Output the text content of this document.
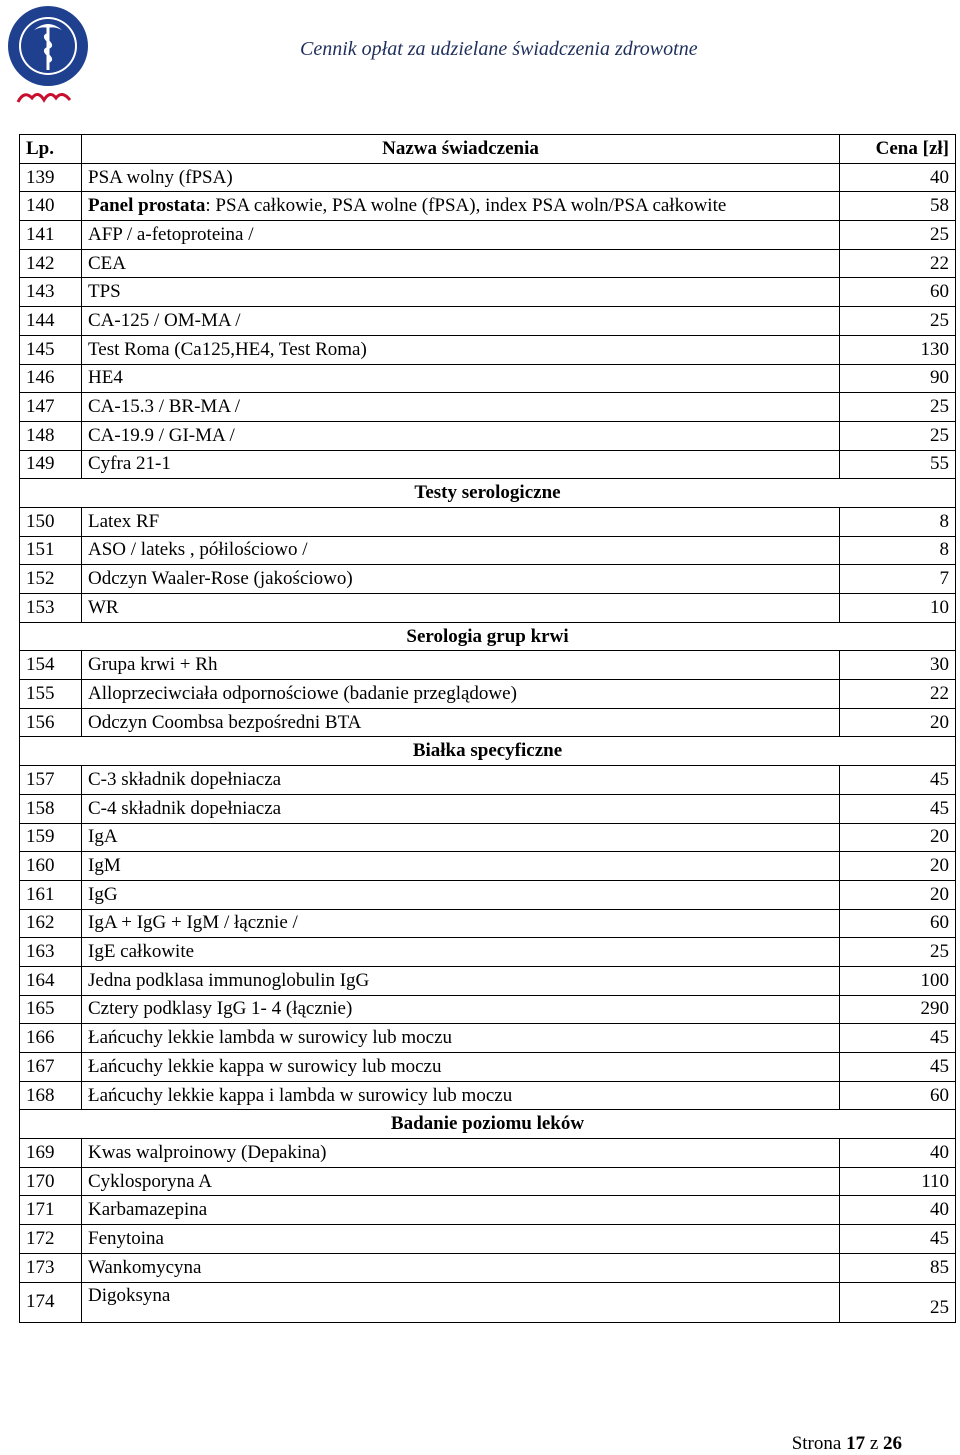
Cennik opłat za udzielane świadczenia zdrowotne
Lp.	Nazwa świadczenia	Cena [zł]
139	PSA wolny (fPSA)	40
140	Panel prostata: PSA całkowie, PSA wolne (fPSA), index PSA woln/PSA całkowite	58
141	AFP / a-fetoproteina /	25
142	CEA	22
143	TPS	60
144	CA-125 / OM-MA /	25
145	Test Roma (Ca125,HE4, Test Roma)	130
146	HE4	90
147	CA-15.3 / BR-MA /	25
148	CA-19.9 / GI-MA /	25
149	Cyfra 21-1	55
Testy serologiczne		
150	Latex RF	8
151	ASO / lateks , półilościowo /	8
152	Odczyn Waaler-Rose (jakościowo)	7
153	WR	10
Serologia grup krwi		
154	Grupa krwi + Rh	30
155	Alloprzeciwciała odpornościowe (badanie przeglądowe)	22
156	Odczyn Coombsa bezpośredni BTA	20
Białka specyficzne		
157	C-3 składnik dopełniacza	45
158	C-4 składnik dopełniacza	45
159	IgA	20
160	IgM	20
161	IgG	20
162	IgA + IgG + IgM / łącznie /	60
163	IgE całkowite	25
164	Jedna podklasa immunoglobulin IgG	100
165	Cztery podklasy IgG 1- 4 (łącznie)	290
166	Łańcuchy lekkie lambda w surowicy lub moczu	45
167	Łańcuchy lekkie kappa w surowicy lub moczu	45
168	Łańcuchy lekkie kappa i lambda w surowicy lub moczu	60
Badanie poziomu leków		
169	Kwas walproinowy (Depakina)	40
170	Cyklosporyna A	110
171	Karbamazepina	40
172	Fenytoina	45
173	Wankomycyna	85
174	Digoksyna	25
Strona 17 z 26
